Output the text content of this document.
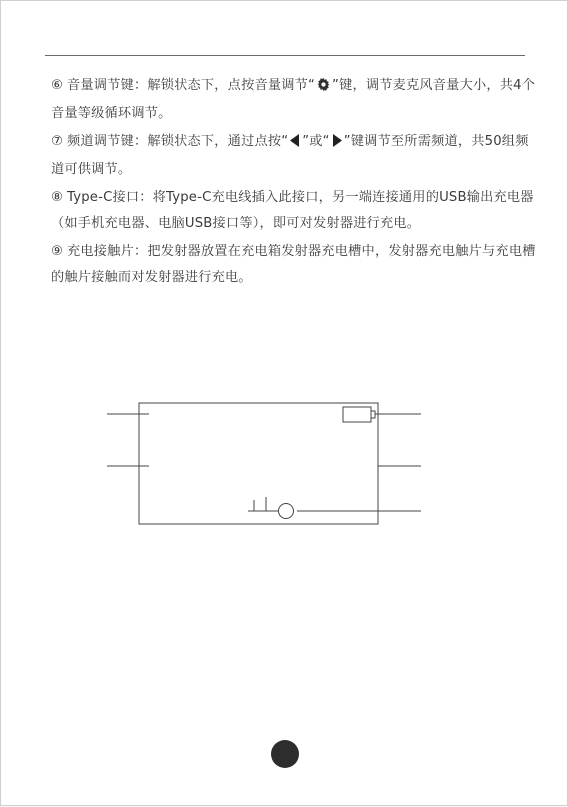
⑥ 音量调节键：解锁状态下，点按音量调节“ ”键，调节麦克风音量大小，共4个音量等级循环调节。

⑦ 频道调节键：解锁状态下，通过点按“ ”或“ ”键调节至所需频道，共50组频道可供调节。

⑧ Type-C接口：将Type-C充电线插入此接口，另一端连接通用的USB输出充电器（如手机充电器、电脑USB接口等），即可对发射器进行充电。

⑨ 充电接触片：把发射器放置在充电箱发射器充电槽中，发射器充电触片与充电槽的触片接触而对发射器进行充电。
